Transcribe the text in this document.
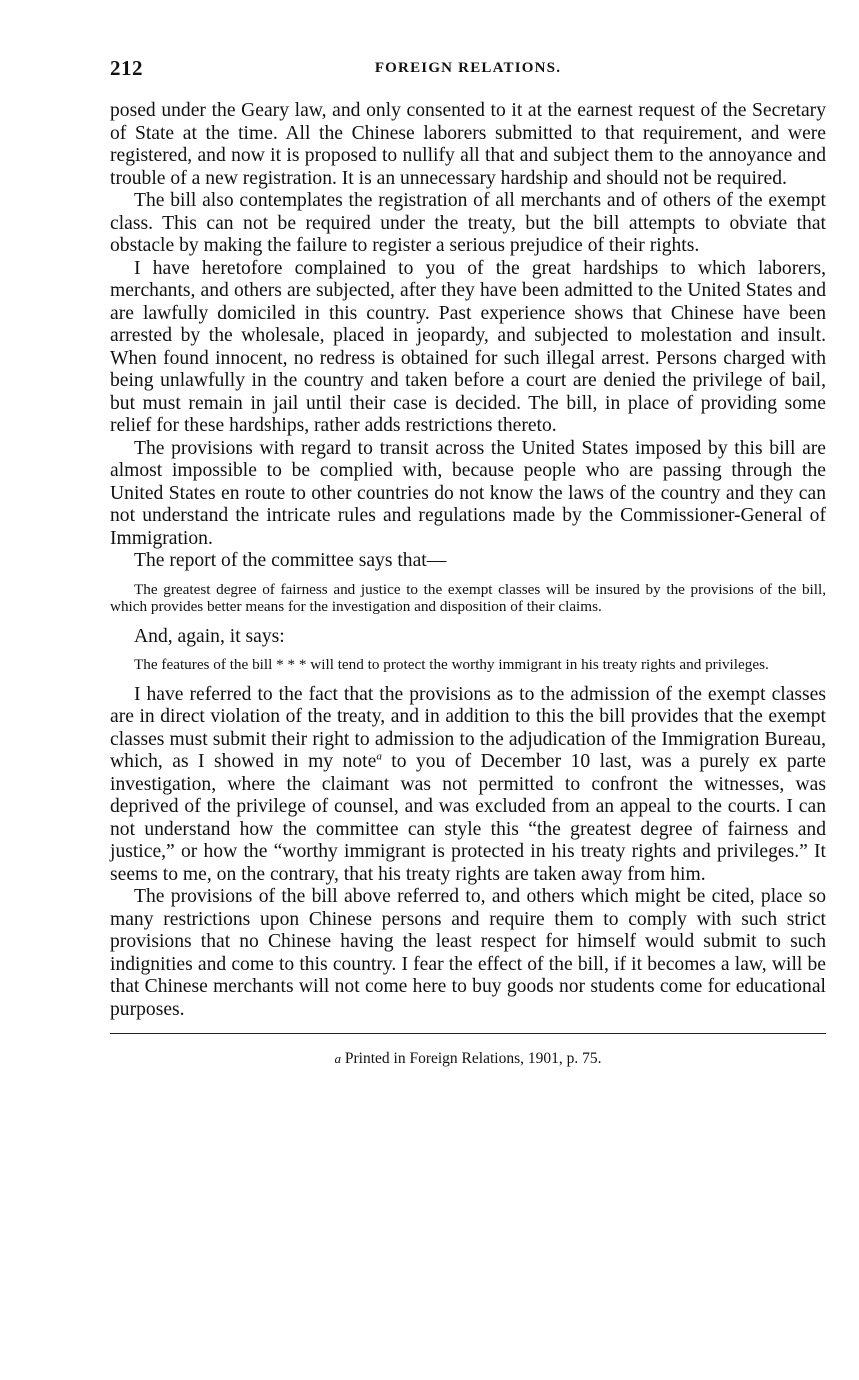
212	FOREIGN RELATIONS.

posed under the Geary law, and only consented to it at the earnest request of the Secretary of State at the time. All the Chinese laborers submitted to that requirement, and were registered, and now it is proposed to nullify all that and subject them to the annoyance and trouble of a new registration. It is an unnecessary hardship and should not be required.

The bill also contemplates the registration of all merchants and of others of the exempt class. This can not be required under the treaty, but the bill attempts to obviate that obstacle by making the failure to register a serious prejudice of their rights.

I have heretofore complained to you of the great hardships to which laborers, merchants, and others are subjected, after they have been admitted to the United States and are lawfully domiciled in this country. Past experience shows that Chinese have been arrested by the wholesale, placed in jeopardy, and subjected to molestation and insult. When found innocent, no redress is obtained for such illegal arrest. Persons charged with being unlawfully in the country and taken before a court are denied the privilege of bail, but must remain in jail until their case is decided. The bill, in place of providing some relief for these hardships, rather adds restrictions thereto.

The provisions with regard to transit across the United States imposed by this bill are almost impossible to be complied with, because people who are passing through the United States en route to other countries do not know the laws of the country and they can not understand the intricate rules and regulations made by the Commissioner-General of Immigration.

The report of the committee says that—

The greatest degree of fairness and justice to the exempt classes will be insured by the provisions of the bill, which provides better means for the investigation and disposition of their claims.

And, again, it says:

The features of the bill * * * will tend to protect the worthy immigrant in his treaty rights and privileges.

I have referred to the fact that the provisions as to the admission of the exempt classes are in direct violation of the treaty, and in addition to this the bill provides that the exempt classes must submit their right to admission to the adjudication of the Immigration Bureau, which, as I showed in my note$^a$ to you of December 10 last, was a purely ex parte investigation, where the claimant was not permitted to confront the witnesses, was deprived of the privilege of counsel, and was excluded from an appeal to the courts. I can not understand how the committee can style this “the greatest degree of fairness and justice,” or how the “worthy immigrant is protected in his treaty rights and privileges.” It seems to me, on the contrary, that his treaty rights are taken away from him.

The provisions of the bill above referred to, and others which might be cited, place so many restrictions upon Chinese persons and require them to comply with such strict provisions that no Chinese having the least respect for himself would submit to such indignities and come to this country. I fear the effect of the bill, if it becomes a law, will be that Chinese merchants will not come here to buy goods nor students come for educational purposes.

a Printed in Foreign Relations, 1901, p. 75.
